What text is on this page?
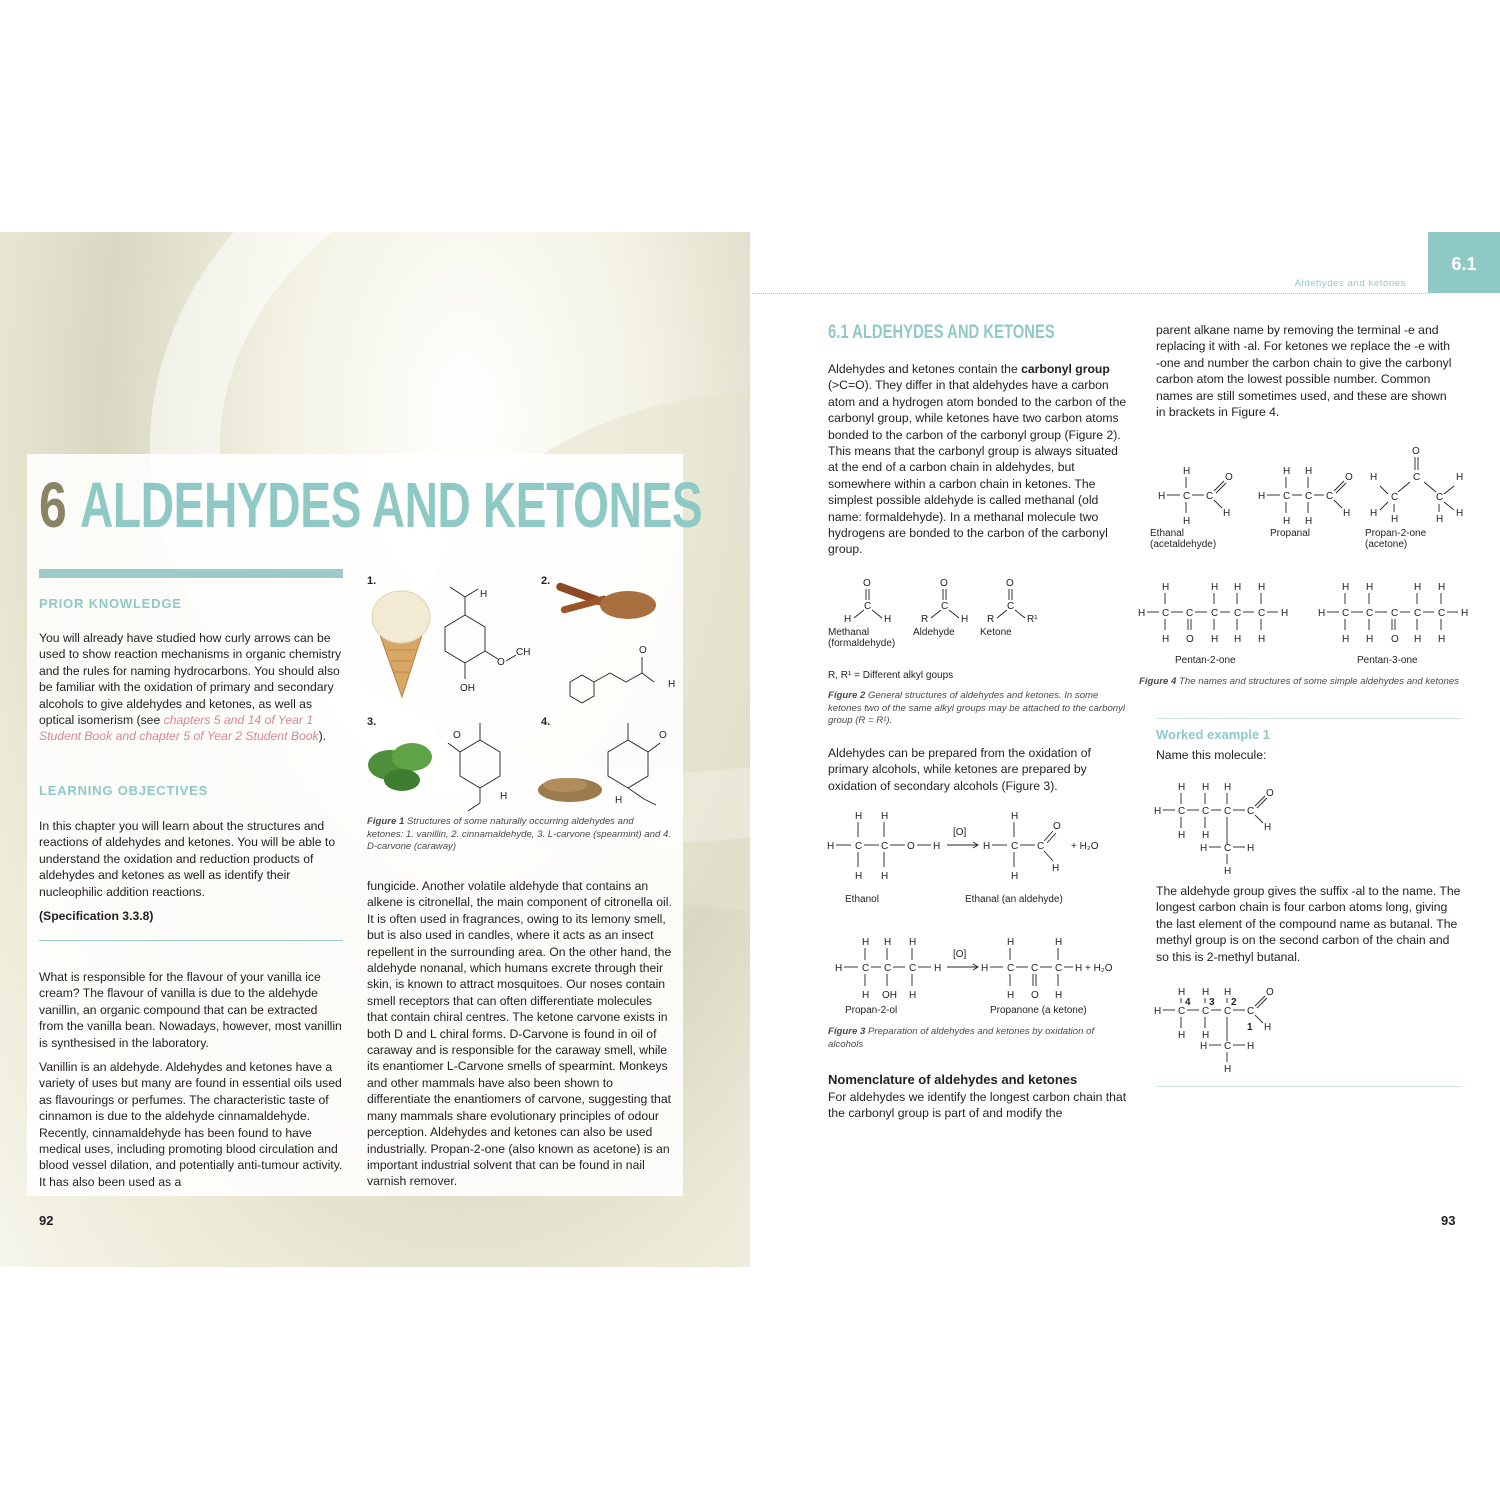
6 ALDEHYDES AND KETONES
PRIOR KNOWLEDGE
You will already have studied how curly arrows can be used to show reaction mechanisms in organic chemistry and the rules for naming hydrocarbons. You should also be familiar with the oxidation of primary and secondary alcohols to give aldehydes and ketones, as well as optical isomerism (see chapters 5 and 14 of Year 1 Student Book and chapter 5 of Year 2 Student Book).
LEARNING OBJECTIVES
In this chapter you will learn about the structures and reactions of aldehydes and ketones. You will be able to understand the oxidation and reduction products of aldehydes and ketones as well as identify their nucleophilic addition reactions.
(Specification 3.3.8)
What is responsible for the flavour of your vanilla ice cream? The flavour of vanilla is due to the aldehyde vanillin, an organic compound that can be extracted from the vanilla bean. Nowadays, however, most vanillin is synthesised in the laboratory.
Vanillin is an aldehyde. Aldehydes and ketones have a variety of uses but many are found in essential oils used as flavourings or perfumes. The characteristic taste of cinnamon is due to the aldehyde cinnamaldehyde. Recently, cinnamaldehyde has been found to have medical uses, including promoting blood circulation and blood vessel dilation, and potentially anti-tumour activity. It has also been used as a
fungicide. Another volatile aldehyde that contains an alkene is citronellal, the main component of citronella oil. It is often used in fragrances, owing to its lemony smell, but is also used in candles, where it acts as an insect repellent in the surrounding area. On the other hand, the aldehyde nonanal, which humans excrete through their skin, is known to attract mosquitoes. Our noses contain smell receptors that can often differentiate molecules that contain chiral centres. The ketone carvone exists in both D and L chiral forms. D-Carvone is found in oil of caraway and is responsible for the caraway smell, while its enantiomer L-Carvone smells of spearmint. Monkeys and other mammals have also been shown to differentiate the enantiomers of carvone, suggesting that many mammals share evolutionary principles of odour perception. Aldehydes and ketones can also be used industrially. Propan-2-one (also known as acetone) is an important industrial solvent that can be found in nail varnish remover.
1.	2.
3.	4.
H
OH
O
CH	O
H
O
H
O
H
Figure 1 Structures of some naturally occurring aldehydes and ketones: 1. vanillin, 2. cinnamaldehyde, 3. L-carvone (spearmint) and 4. D-carvone (caraway)
92
Aldehydes and ketones
6.1
6.1 ALDEHYDES AND KETONES
Aldehydes and ketones contain the carbonyl group (>C=O). They differ in that aldehydes have a carbon atom and a hydrogen atom bonded to the carbon of the carbonyl group, while ketones have two carbon atoms bonded to the carbon of the carbonyl group (Figure 2). This means that the carbonyl group is always situated at the end of a carbon chain in aldehydes, but somewhere within a carbon chain in ketones. The simplest possible aldehyde is called methanal (old name: formaldehyde). In a methanal molecule two hydrogens are bonded to the carbon of the carbonyl group.
O
C
H	H
O
C
R	H
O
C
R	R¹
Methanal
(formaldehyde)
Aldehyde	Ketone
R, R¹ = Different alkyl goups
Figure 2 General structures of aldehydes and ketones. In some ketones two of the same alkyl groups may be attached to the carbonyl group (R = R¹).
Aldehydes can be prepared from the oxidation of primary alcohols, while ketones are prepared by oxidation of secondary alcohols (Figure 3).
H H
H C C O H
H H
[O]
H
H C C
O
H
H
+ H₂O
H H H
H C C C H
H OH H
[O]
H	H
H C C C H + H₂O
H O H
Ethanol	Ethanal (an aldehyde)
Propan-2-ol	Propanone (a ketone)
Figure 3 Preparation of aldehydes and ketones by oxidation of alcohols
Nomenclature of aldehydes and ketones
For aldehydes we identify the longest carbon chain that the carbonyl group is part of and modify the
parent alkane name by removing the terminal -e and replacing it with -al. For ketones we replace the -e with -one and number the carbon chain to give the carbonyl carbon atom the lowest possible number. Common names are still sometimes used, and these are shown in brackets in Figure 4.
H
H C C
O
H
H
H H
H C C C
O
H
H H
O
C
C	C
H
H
H
H
H
H
H	H H H
H C C C C C H
H O H H H
H H	H H
H C C C C C H
H H O H H
Ethanal
(acetaldehyde)
Propanal	Propan-2-one
(acetone)
Pentan-2-one	Pentan-3-one
Figure 4 The names and structures of some simple aldehydes and ketones
Worked example 1
Name this molecule:
H H H
H C C C C
O
H
H H
H C H
H
The aldehyde group gives the suffix -al to the name. The longest carbon chain is four carbon atoms long, giving the last element of the compound name as butanal. The methyl group is on the second carbon of the chain and so this is 2-methyl butanal.
H H H
4 3 2
H C C C C
O
H
1
H H
H C H
H
93
